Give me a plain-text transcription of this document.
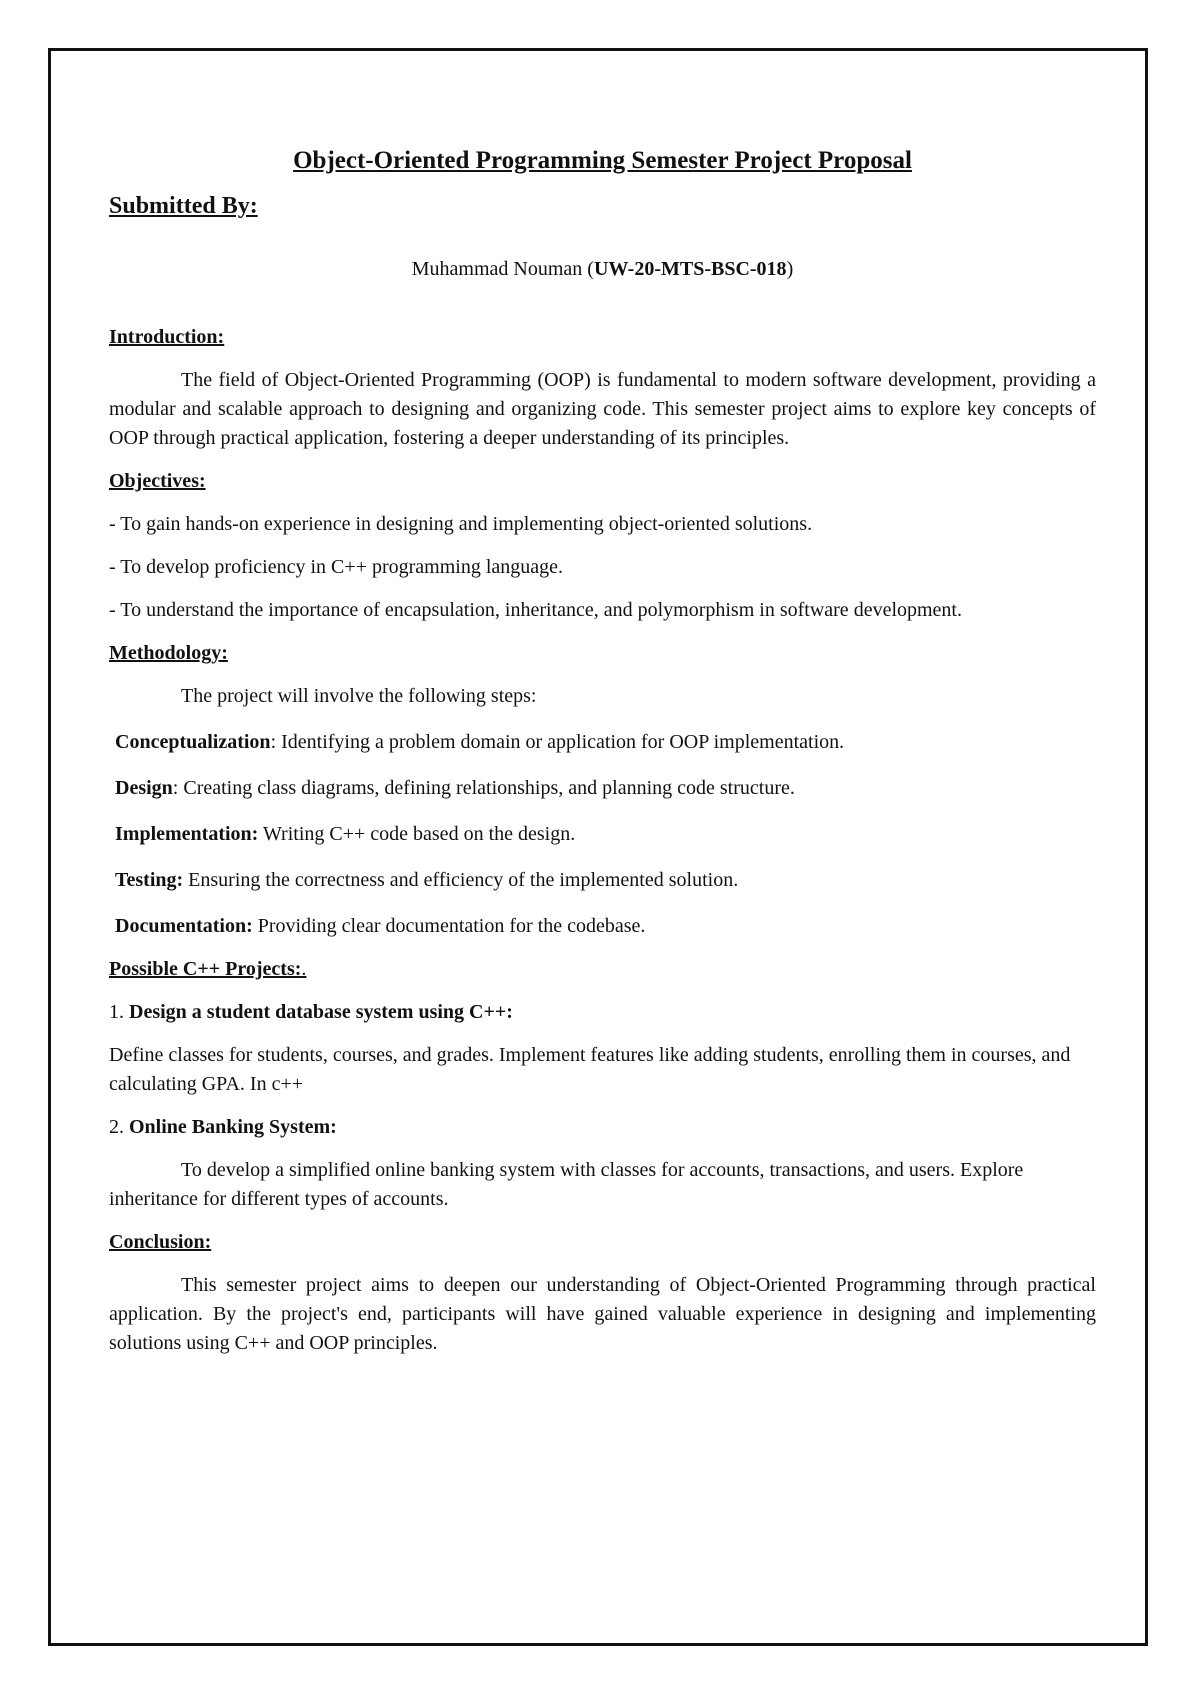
Object-Oriented Programming Semester Project Proposal
Submitted By:
Muhammad Nouman (UW-20-MTS-BSC-018)
Introduction:
The field of Object-Oriented Programming (OOP) is fundamental to modern software development, providing a modular and scalable approach to designing and organizing code. This semester project aims to explore key concepts of OOP through practical application, fostering a deeper understanding of its principles.
Objectives:
- To gain hands-on experience in designing and implementing object-oriented solutions.
- To develop proficiency in C++ programming language.
- To understand the importance of encapsulation, inheritance, and polymorphism in software development.
Methodology:
The project will involve the following steps:
Conceptualization: Identifying a problem domain or application for OOP implementation.
Design: Creating class diagrams, defining relationships, and planning code structure.
Implementation: Writing C++ code based on the design.
Testing: Ensuring the correctness and efficiency of the implemented solution.
Documentation: Providing clear documentation for the codebase.
Possible C++ Projects:.
1. Design a student database system using C++:
Define classes for students, courses, and grades. Implement features like adding students, enrolling them in courses, and calculating GPA. In c++
2. Online Banking System:
To develop a simplified online banking system with classes for accounts, transactions, and users. Explore inheritance for different types of accounts.
Conclusion:
This semester project aims to deepen our understanding of Object-Oriented Programming through practical application. By the project's end, participants will have gained valuable experience in designing and implementing solutions using C++ and OOP principles.
